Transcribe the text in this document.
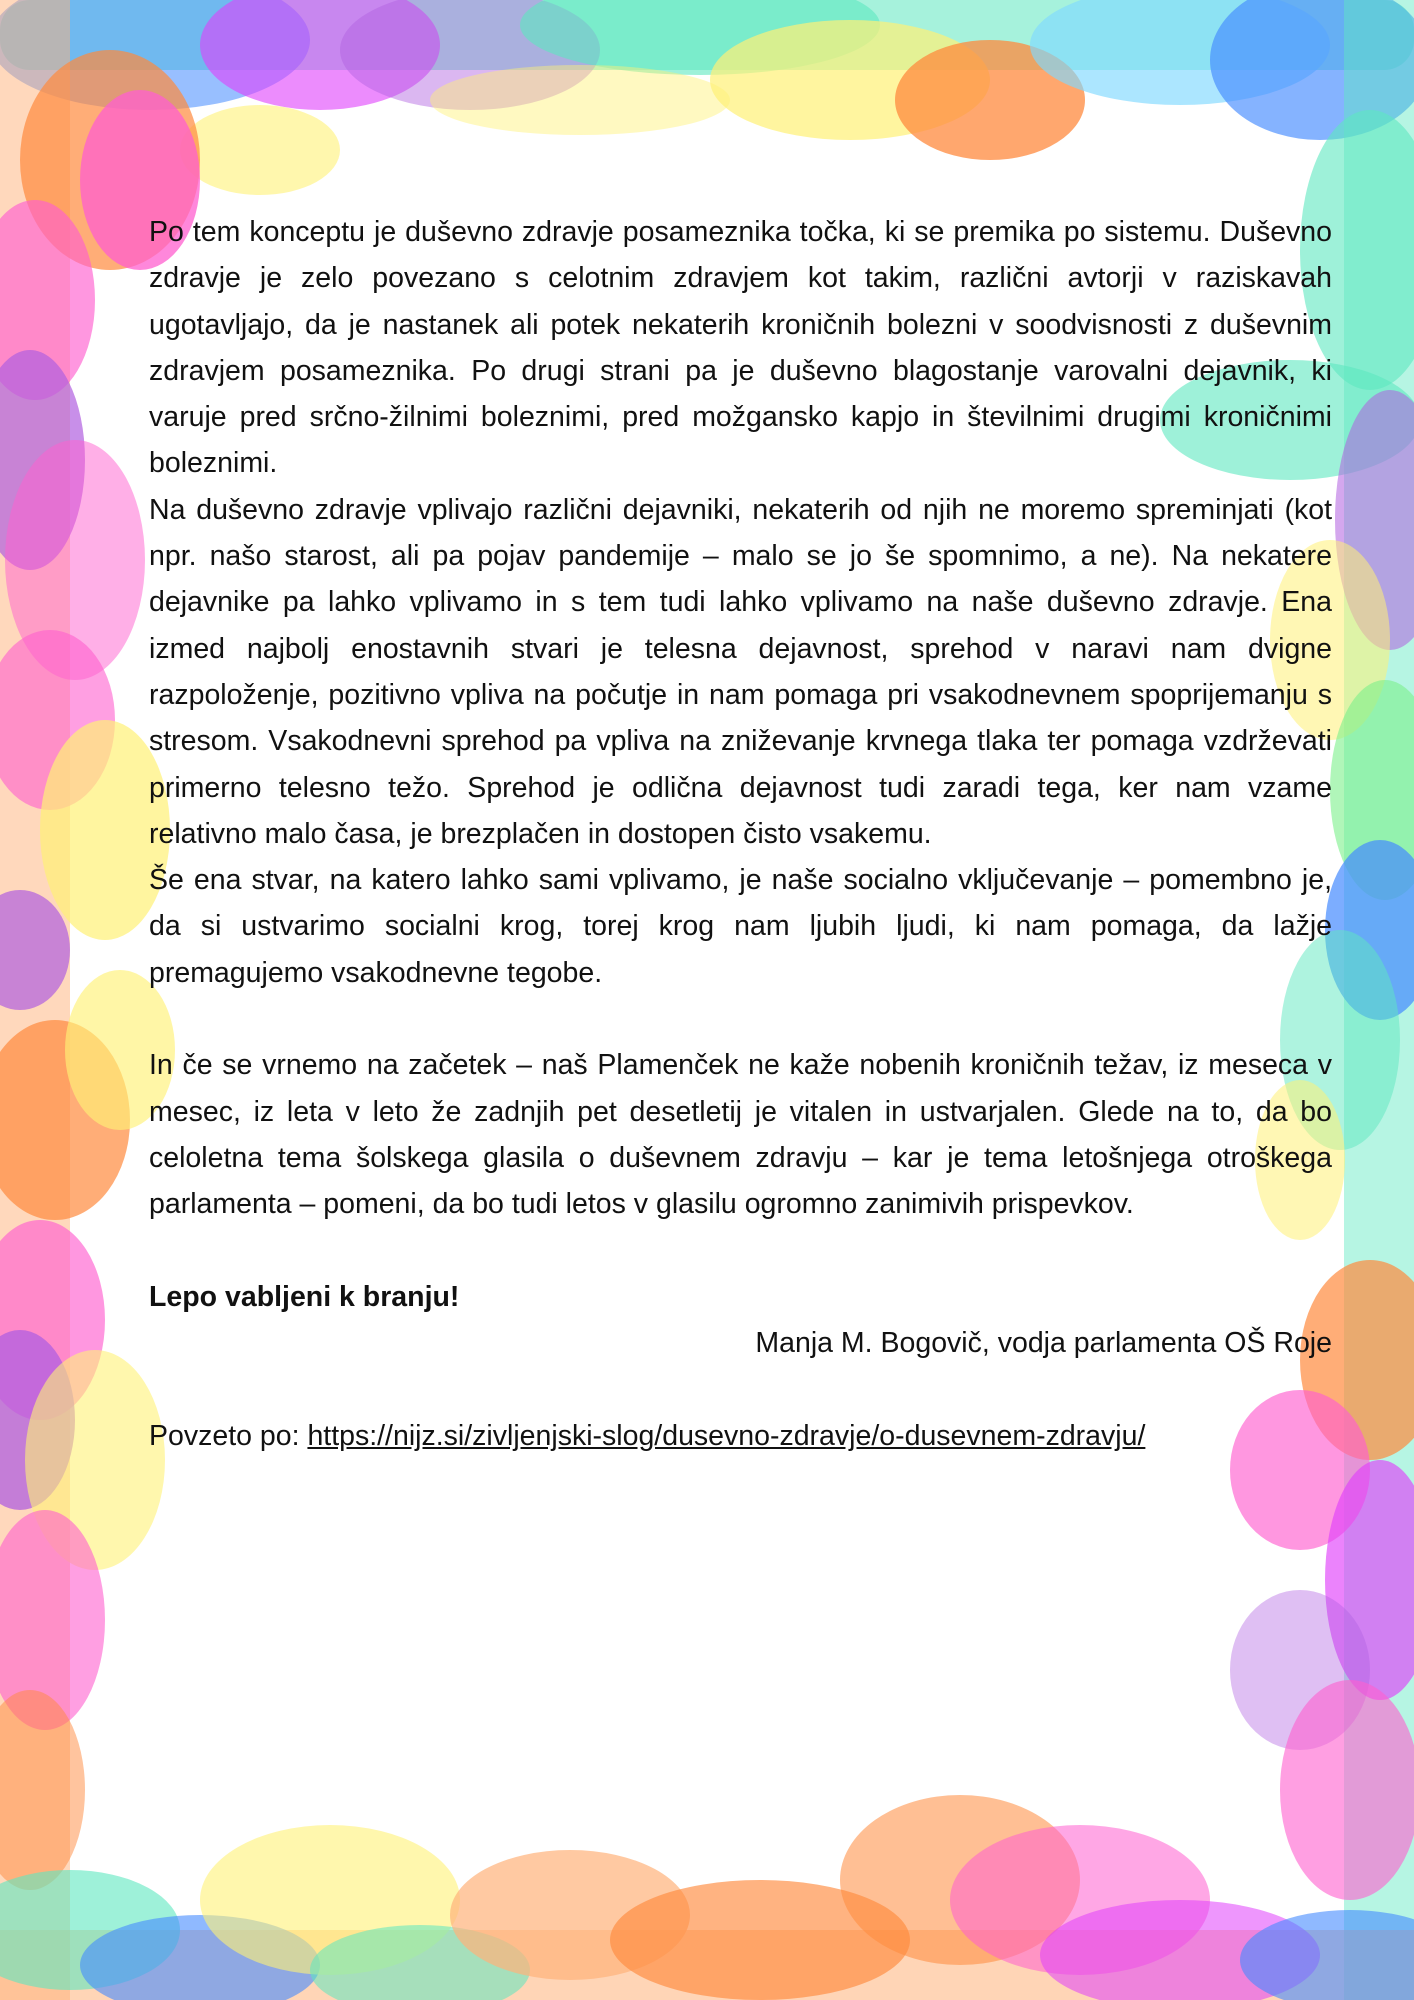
Po tem konceptu je duševno zdravje posameznika točka, ki se premika po sistemu. Duševno zdravje je zelo povezano s celotnim zdravjem kot takim, različni avtorji v raziskavah ugotavljajo, da je nastanek ali potek nekaterih kroničnih bolezni v soodvisnosti z duševnim zdravjem posameznika. Po drugi strani pa je duševno blagostanje varovalni dejavnik, ki varuje pred srčno-žilnimi boleznimi, pred možgansko kapjo in številnimi drugimi kroničnimi boleznimi.

Na duševno zdravje vplivajo različni dejavniki, nekaterih od njih ne moremo spreminjati (kot npr. našo starost, ali pa pojav pandemije – malo se jo še spomnimo, a ne). Na nekatere dejavnike pa lahko vplivamo in s tem tudi lahko vplivamo na naše duševno zdravje. Ena izmed najbolj enostavnih stvari je telesna dejavnost, sprehod v naravi nam dvigne razpoloženje, pozitivno vpliva na počutje in nam pomaga pri vsakodnevnem spoprijemanju s stresom. Vsakodnevni sprehod pa vpliva na zniževanje krvnega tlaka ter pomaga vzdrževati primerno telesno težo. Sprehod je odlična dejavnost tudi zaradi tega, ker nam vzame relativno malo časa, je brezplačen in dostopen čisto vsakemu.

Še ena stvar, na katero lahko sami vplivamo, je naše socialno vključevanje – pomembno je, da si ustvarimo socialni krog, torej krog nam ljubih ljudi, ki nam pomaga, da lažje premagujemo vsakodnevne tegobe.

In če se vrnemo na začetek – naš Plamenček ne kaže nobenih kroničnih težav, iz meseca v mesec, iz leta v leto že zadnjih pet desetletij je vitalen in ustvarjalen. Glede na to, da bo celoletna tema šolskega glasila o duševnem zdravju – kar je tema letošnjega otroškega parlamenta – pomeni, da bo tudi letos v glasilu ogromno zanimivih prispevkov.

Lepo vabljeni k branju!

Manja M. Bogovič, vodja parlamenta OŠ Roje

Povzeto po: https://nijz.si/zivljenjski-slog/dusevno-zdravje/o-dusevnem-zdravju/
